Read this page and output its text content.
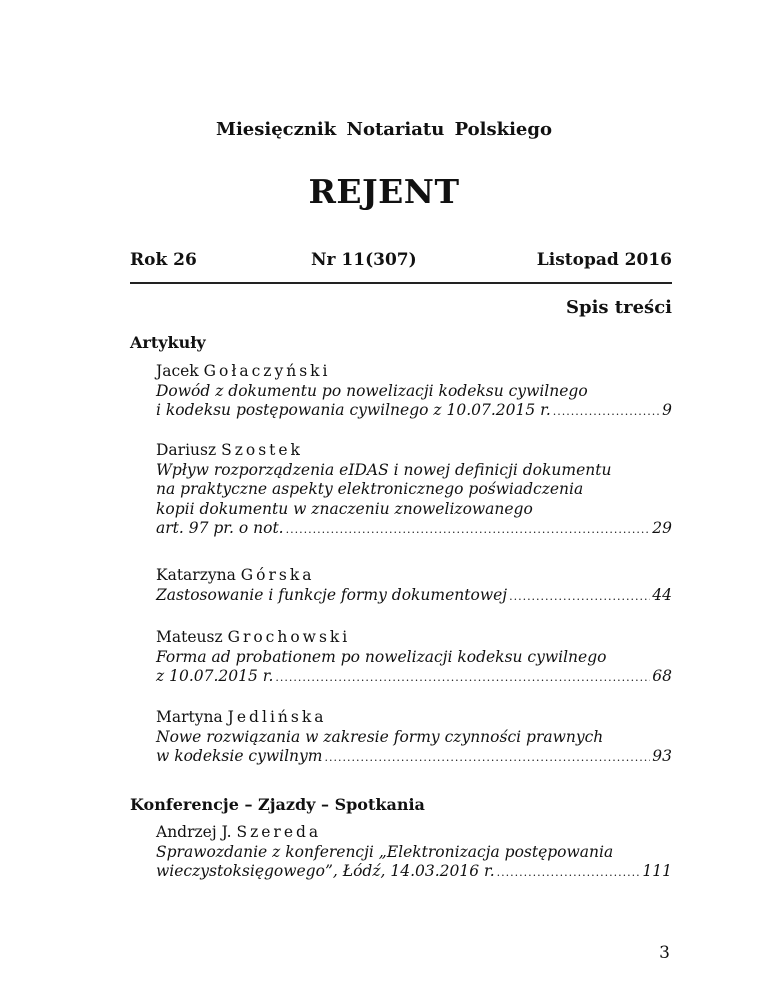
Miesięcznik Notariatu Polskiego
REJENT
Rok 26	Nr 11(307)	Listopad 2016
Spis treści
Artykuły
Jacek Gołaczyński
Dowód z dokumentu po nowelizacji kodeksu cywilnego
i kodeksu postępowania cywilnego z 10.07.2015 r. .....	9
Dariusz Szostek
Wpływ rozporządzenia eIDAS i nowej definicji dokumentu
na praktyczne aspekty elektronicznego poświadczenia
kopii dokumentu w znaczeniu znowelizowanego
art. 97 pr. o not. .....	29
Katarzyna Górska
Zastosowanie i funkcje formy dokumentowej .....	44
Mateusz Grochowski
Forma ad probationem po nowelizacji kodeksu cywilnego
z 10.07.2015 r. .....	68
Martyna Jedlińska
Nowe rozwiązania w zakresie formy czynności prawnych
w kodeksie cywilnym .....	93
Konferencje – Zjazdy – Spotkania
Andrzej J. Szereda
Sprawozdanie z konferencji „Elektronizacja postępowania
wieczystoksięgowego”, Łódź, 14.03.2016 r. .....	111
3
